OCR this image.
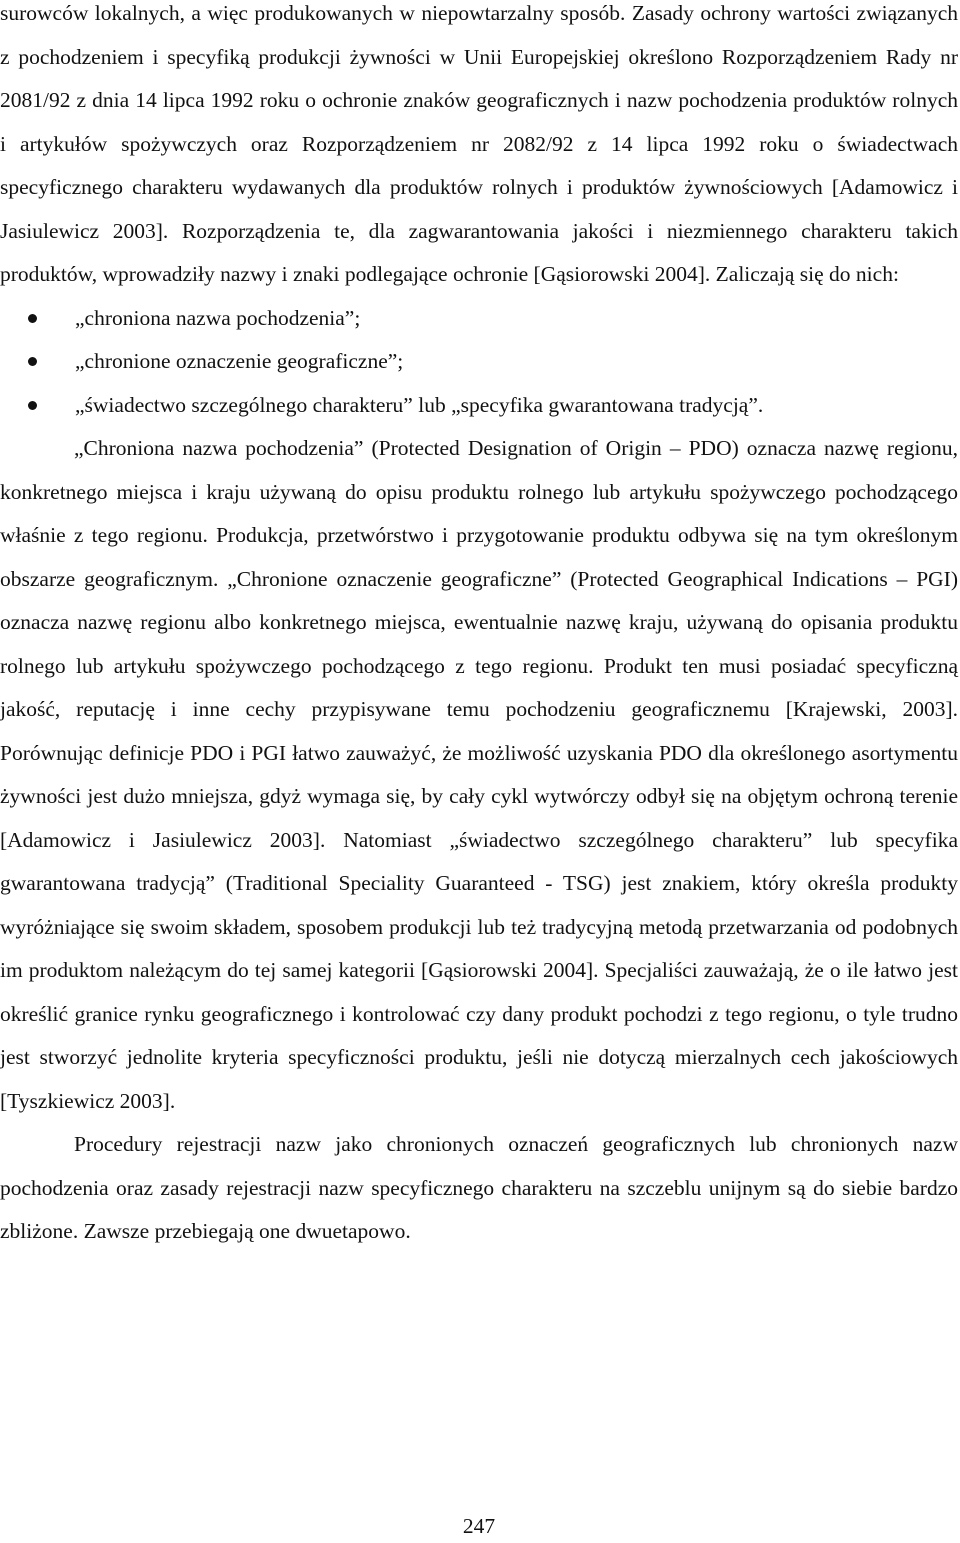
surowców lokalnych, a więc produkowanych w niepowtarzalny sposób. Zasady ochrony wartości związanych z pochodzeniem i specyfiką produkcji żywności w Unii Europejskiej określono Rozporządzeniem Rady nr 2081/92 z dnia 14 lipca 1992 roku o ochronie znaków geograficznych i nazw pochodzenia produktów rolnych i artykułów spożywczych oraz Rozporządzeniem nr 2082/92 z 14 lipca 1992 roku o świadectwach specyficznego charakteru wydawanych dla produktów rolnych i produktów żywnościowych [Adamowicz i Jasiulewicz 2003]. Rozporządzenia te, dla zagwarantowania jakości i niezmiennego charakteru takich produktów, wprowadziły nazwy i znaki podlegające ochronie [Gąsiorowski 2004]. Zaliczają się do nich:

„chroniona nazwa pochodzenia”;
„chronione oznaczenie geograficzne”;
„świadectwo szczególnego charakteru” lub „specyfika gwarantowana tradycją”.

„Chroniona nazwa pochodzenia” (Protected Designation of Origin – PDO) oznacza nazwę regionu, konkretnego miejsca i kraju używaną do opisu produktu rolnego lub artykułu spożywczego pochodzącego właśnie z tego regionu. Produkcja, przetwórstwo i przygotowanie produktu odbywa się na tym określonym obszarze geograficznym. „Chronione oznaczenie geograficzne” (Protected Geographical Indications – PGI) oznacza nazwę regionu albo konkretnego miejsca, ewentualnie nazwę kraju, używaną do opisania produktu rolnego lub artykułu spożywczego pochodzącego z tego regionu. Produkt ten musi posiadać specyficzną jakość, reputację i inne cechy przypisywane temu pochodzeniu geograficznemu [Krajewski, 2003]. Porównując definicje PDO i PGI łatwo zauważyć, że możliwość uzyskania PDO dla określonego asortymentu żywności jest dużo mniejsza, gdyż wymaga się, by cały cykl wytwórczy odbył się na objętym ochroną terenie [Adamowicz i Jasiulewicz 2003]. Natomiast „świadectwo szczególnego charakteru” lub specyfika gwarantowana tradycją” (Traditional Speciality Guaranteed - TSG) jest znakiem, który określa produkty wyróżniające się swoim składem, sposobem produkcji lub też tradycyjną metodą przetwarzania od podobnych im produktom należącym do tej samej kategorii [Gąsiorowski 2004]. Specjaliści zauważają, że o ile łatwo jest określić granice rynku geograficznego i kontrolować czy dany produkt pochodzi z tego regionu, o tyle trudno jest stworzyć jednolite kryteria specyficzności produktu, jeśli nie dotyczą mierzalnych cech jakościowych [Tyszkiewicz 2003].

Procedury rejestracji nazw jako chronionych oznaczeń geograficznych lub chronionych nazw pochodzenia oraz zasady rejestracji nazw specyficznego charakteru na szczeblu unijnym są do siebie bardzo zbliżone. Zawsze przebiegają one dwuetapowo.

247
